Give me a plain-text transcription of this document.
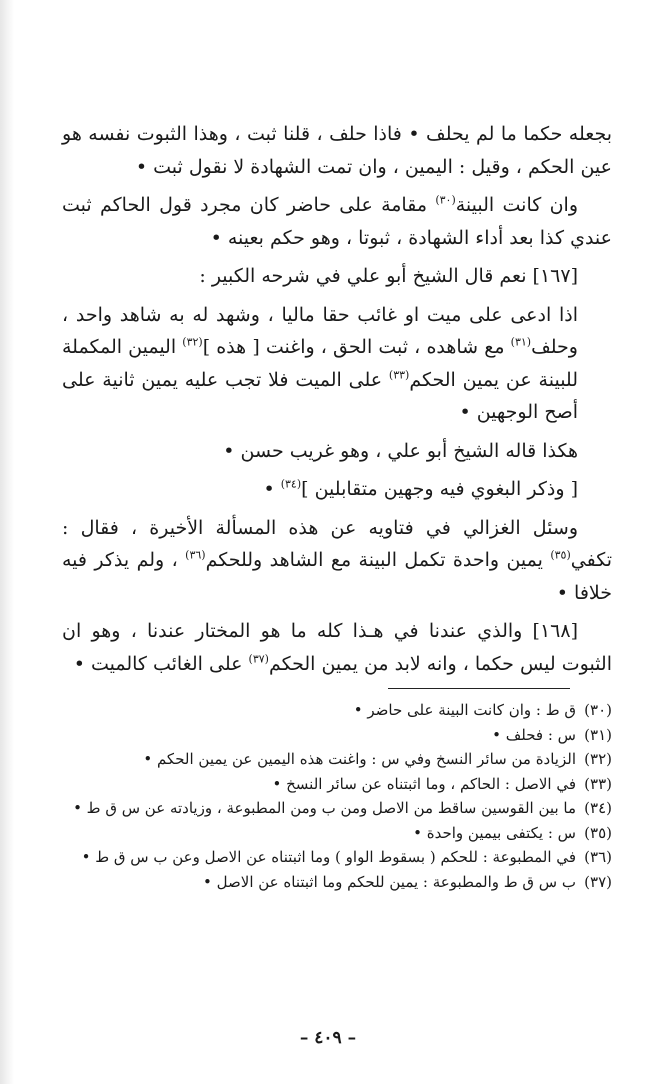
بجعله حكما ما لم يحلف • فاذا حلف ، قلنا ثبت ، وهذا الثبوت نفسه هو عين الحكم ، وقيل : اليمين ، وان تمت الشهادة لا نقول ثبت •

وان كانت البينة$^{(٣٠)}$ مقامة على حاضر كان مجرد قول الحاكم ثبت عندي كذا بعد أداء الشهادة ، ثبوتا ، وهو حكم بعينه •

[١٦٧] نعم قال الشيخ أبو علي في شرحه الكبير :

اذا ادعى على ميت او غائب حقا ماليا ، وشهد له به شاهد واحد ، وحلف$^{(٣١)}$ مع شاهده ، ثبت الحق ، واغنت [ هذه ]$^{(٣٢)}$ اليمين المكملة للبينة عن يمين الحكم$^{(٣٣)}$ على الميت فلا تجب عليه يمين ثانية على أصح الوجهين •

هكذا قاله الشيخ أبو علي ، وهو غريب حسن •

[ وذكر البغوي فيه وجهين متقابلين ]$^{(٣٤)}$ •

وسئل الغزالي في فتاويه عن هذه المسألة الأخيرة ، فقال : تكفي$^{(٣٥)}$ يمين واحدة تكمل البينة مع الشاهد وللحكم$^{(٣٦)}$ ، ولم يذكر فيه خلافا •

[١٦٨] والذي عندنا في هـذا كله ما هو المختار عندنا ، وهو ان الثبوت ليس حكما ، وانه لابد من يمين الحكم$^{(٣٧)}$ على الغائب كالميت •

(٣٠)
ق ط : وان كانت البينة على حاضر •

(٣١)
س : فحلف •

(٣٢)
الزيادة من سائر النسخ وفي س : واغنت هذه اليمين عن يمين الحكم •

(٣٣)
في الاصل : الحاكم ، وما اثبتناه عن سائر النسخ •

(٣٤)
ما بين القوسين ساقط من الاصل ومن ب ومن المطبوعة ، وزيادته عن س ق ط •

(٣٥)
س : يكتفى بيمين واحدة •

(٣٦)
في المطبوعة : للحكم ( بسقوط الواو ) وما اثبتناه عن الاصل وعن ب س ق ط •

(٣٧)
ب س ق ط والمطبوعة : يمين للحكم وما اثبتناه عن الاصل •

– ٤٠٩ –
